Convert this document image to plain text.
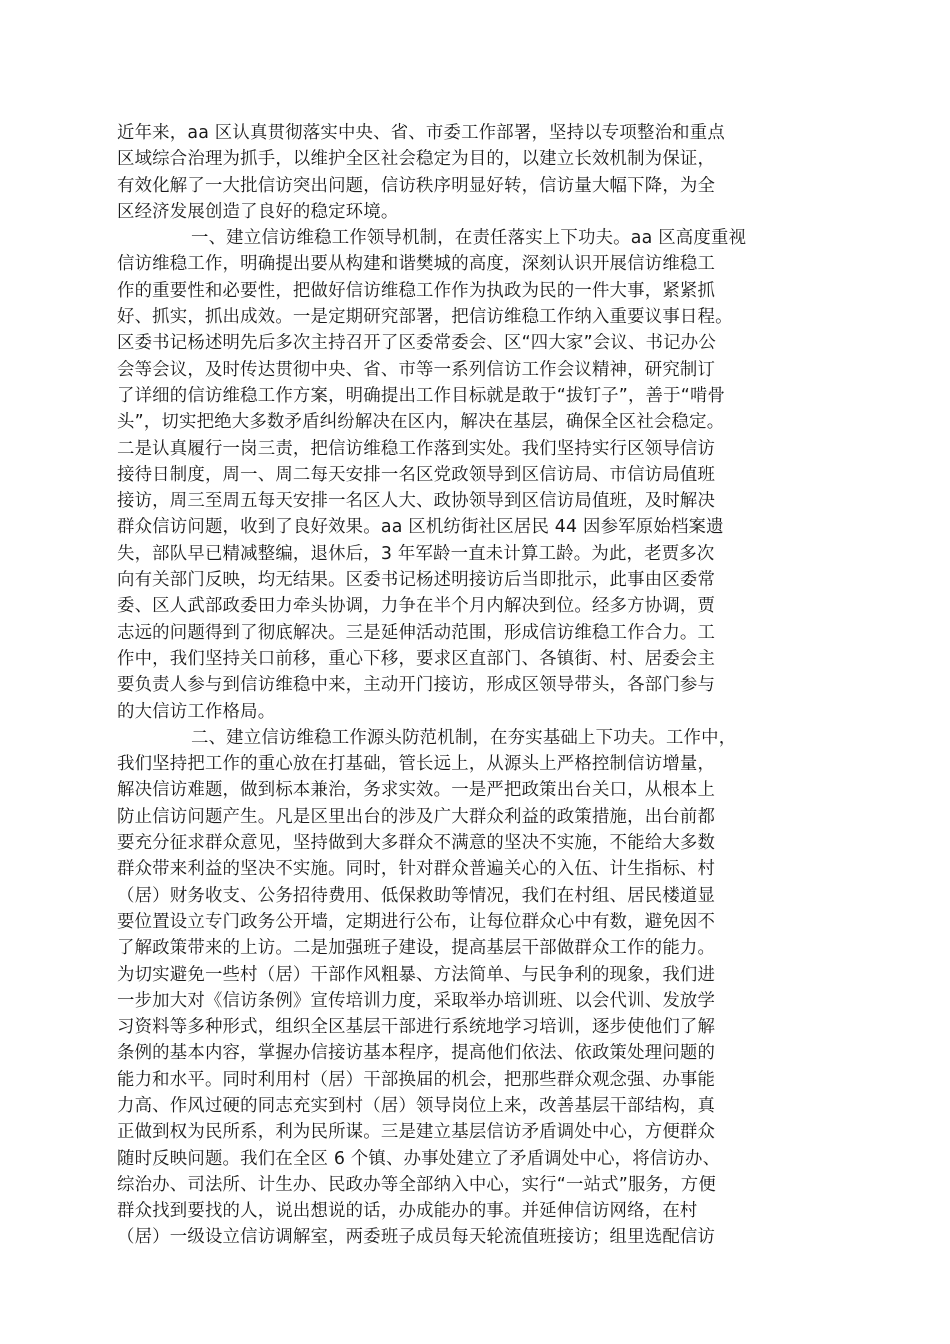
近年来，aa 区认真贯彻落实中央、省、市委工作部署，坚持以专项整治和重点
区域综合治理为抓手，以维护全区社会稳定为目的，以建立长效机制为保证，
有效化解了一大批信访突出问题，信访秩序明显好转，信访量大幅下降，为全
区经济发展创造了良好的稳定环境。
一、建立信访维稳工作领导机制，在责任落实上下功夫。aa 区高度重视
信访维稳工作，明确提出要从构建和谐樊城的高度，深刻认识开展信访维稳工
作的重要性和必要性，把做好信访维稳工作作为执政为民的一件大事，紧紧抓
好、抓实，抓出成效。一是定期研究部署，把信访维稳工作纳入重要议事日程。
区委书记杨述明先后多次主持召开了区委常委会、区“四大家”会议、书记办公
会等会议，及时传达贯彻中央、省、市等一系列信访工作会议精神，研究制订
了详细的信访维稳工作方案，明确提出工作目标就是敢于“拔钉子”，善于“啃骨
头”，切实把绝大多数矛盾纠纷解决在区内，解决在基层，确保全区社会稳定。
二是认真履行一岗三责，把信访维稳工作落到实处。我们坚持实行区领导信访
接待日制度，周一、周二每天安排一名区党政领导到区信访局、市信访局值班
接访，周三至周五每天安排一名区人大、政协领导到区信访局值班，及时解决
群众信访问题，收到了良好效果。aa 区机纺街社区居民 44 因参军原始档案遗
失，部队早已精减整编，退休后，3 年军龄一直未计算工龄。为此，老贾多次
向有关部门反映，均无结果。区委书记杨述明接访后当即批示，此事由区委常
委、区人武部政委田力牵头协调，力争在半个月内解决到位。经多方协调，贾
志远的问题得到了彻底解决。三是延伸活动范围，形成信访维稳工作合力。工
作中，我们坚持关口前移，重心下移，要求区直部门、各镇街、村、居委会主
要负责人参与到信访维稳中来，主动开门接访，形成区领导带头，各部门参与
的大信访工作格局。
二、建立信访维稳工作源头防范机制，在夯实基础上下功夫。工作中，
我们坚持把工作的重心放在打基础，管长远上，从源头上严格控制信访增量，
解决信访难题，做到标本兼治，务求实效。一是严把政策出台关口，从根本上
防止信访问题产生。凡是区里出台的涉及广大群众利益的政策措施，出台前都
要充分征求群众意见，坚持做到大多群众不满意的坚决不实施，不能给大多数
群众带来利益的坚决不实施。同时，针对群众普遍关心的入伍、计生指标、村
（居）财务收支、公务招待费用、低保救助等情况，我们在村组、居民楼道显
要位置设立专门政务公开墙，定期进行公布，让每位群众心中有数，避免因不
了解政策带来的上访。二是加强班子建设，提高基层干部做群众工作的能力。
为切实避免一些村（居）干部作风粗暴、方法简单、与民争利的现象，我们进
一步加大对《信访条例》宣传培训力度，采取举办培训班、以会代训、发放学
习资料等多种形式，组织全区基层干部进行系统地学习培训，逐步使他们了解
条例的基本内容，掌握办信接访基本程序，提高他们依法、依政策处理问题的
能力和水平。同时利用村（居）干部换届的机会，把那些群众观念强、办事能
力高、作风过硬的同志充实到村（居）领导岗位上来，改善基层干部结构，真
正做到权为民所系，利为民所谋。三是建立基层信访矛盾调处中心，方便群众
随时反映问题。我们在全区 6 个镇、办事处建立了矛盾调处中心，将信访办、
综治办、司法所、计生办、民政办等全部纳入中心，实行“一站式”服务，方便
群众找到要找的人，说出想说的话，办成能办的事。并延伸信访网络，在村
（居）一级设立信访调解室，两委班子成员每天轮流值班接访；组里选配信访
